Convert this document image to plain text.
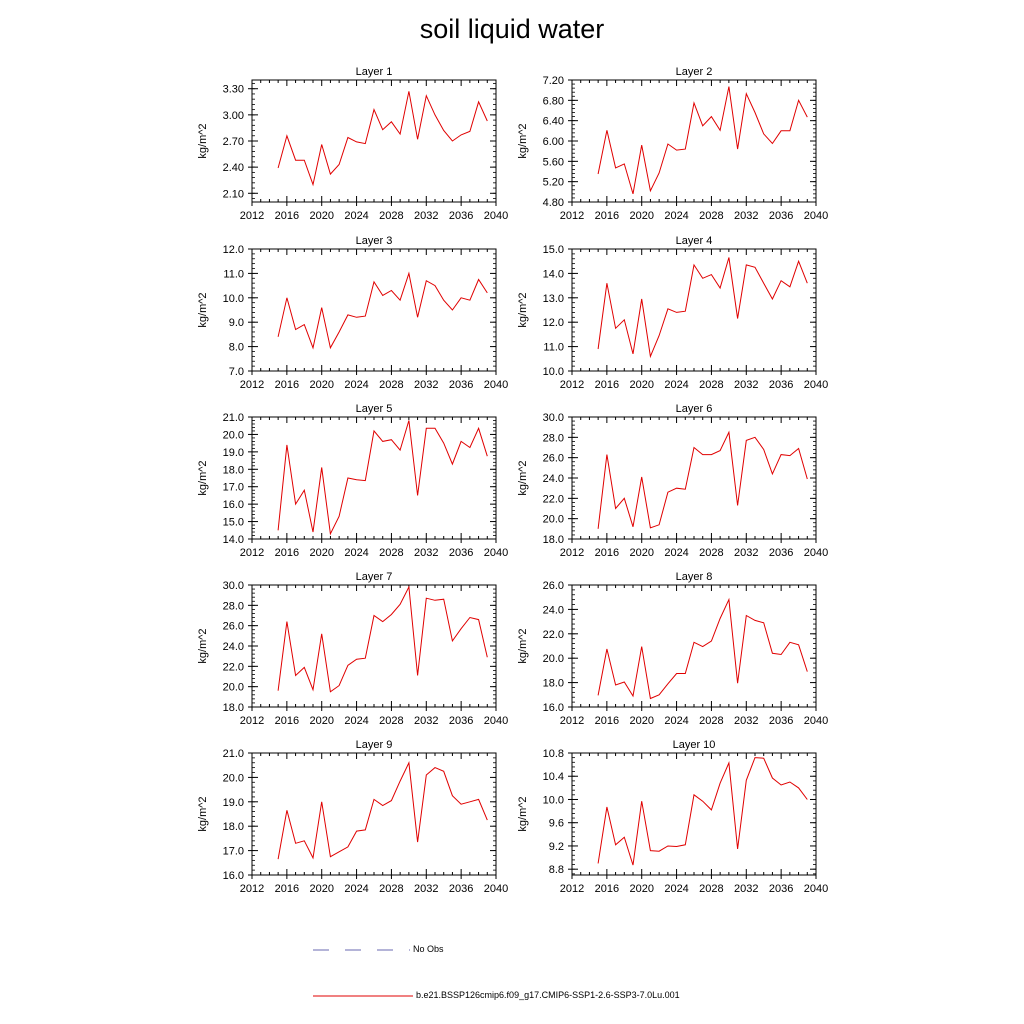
soil liquid water
Layer 1
kg/m^2
2012 2016 2020 2024 2028 2032 2036 2040
2.10
2.40
2.70
3.00
3.30
Layer 2
kg/m^2
2012 2016 2020 2024 2028 2032 2036 2040
4.80
5.20
5.60
6.00
6.40
6.80
7.20
Layer 3
kg/m^2
2012 2016 2020 2024 2028 2032 2036 2040
7.0
8.0
9.0
10.0
11.0
12.0
Layer 4
kg/m^2
2012 2016 2020 2024 2028 2032 2036 2040
10.0
11.0
12.0
13.0
14.0
15.0
Layer 5
kg/m^2
2012 2016 2020 2024 2028 2032 2036 2040
14.0
15.0
16.0
17.0
18.0
19.0
20.0
21.0
Layer 6
kg/m^2
2012 2016 2020 2024 2028 2032 2036 2040
18.0
20.0
22.0
24.0
26.0
28.0
30.0
Layer 7
kg/m^2
2012 2016 2020 2024 2028 2032 2036 2040
18.0
20.0
22.0
24.0
26.0
28.0
30.0
Layer 8
kg/m^2
2012 2016 2020 2024 2028 2032 2036 2040
16.0
18.0
20.0
22.0
24.0
26.0
Layer 9
kg/m^2
2012 2016 2020 2024 2028 2032 2036 2040
16.0
17.0
18.0
19.0
20.0
21.0
Layer 10
kg/m^2
2012 2016 2020 2024 2028 2032 2036 2040
8.8
9.2
9.6
10.0
10.4
10.8
No Obs
b.e21.BSSP126cmip6.f09_g17.CMIP6-SSP1-2.6-SSP3-7.0Lu.001
